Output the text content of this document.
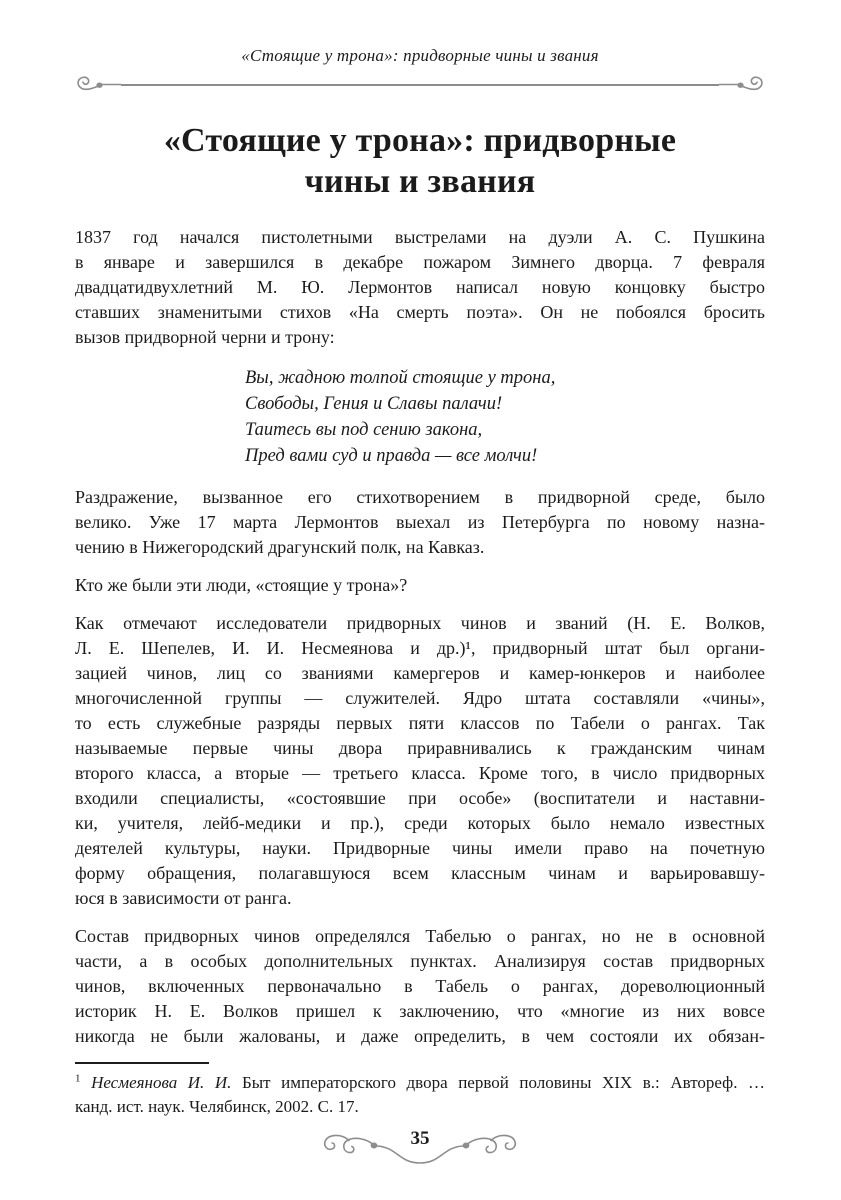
«Стоящие у трона»: придворные чины и звания
«Стоящие у трона»: придворные
чины и звания
1837 год начался пистолетными выстрелами на дуэли А. С. Пушкина
в январе и завершился в декабре пожаром Зимнего дворца. 7 февраля
двадцатидвухлетний М. Ю. Лермонтов написал новую концовку быстро
ставших знаменитыми стихов «На смерть поэта». Он не побоялся бросить
вызов придворной черни и трону:
Вы, жадною толпой стоящие у трона,
Свободы, Гения и Славы палачи!
Таитесь вы под сению закона,
Пред вами суд и правда — все молчи!
Раздражение, вызванное его стихотворением в придворной среде, было
велико. Уже 17 марта Лермонтов выехал из Петербурга по новому назна-
чению в Нижегородский драгунский полк, на Кавказ.
Кто же были эти люди, «стоящие у трона»?
Как отмечают исследователи придворных чинов и званий (Н. Е. Волков,
Л. Е. Шепелев, И. И. Несмеянова и др.)¹, придворный штат был органи-
зацией чинов, лиц со званиями камергеров и камер-юнкеров и наиболее
многочисленной группы — служителей. Ядро штата составляли «чины»,
то есть служебные разряды первых пяти классов по Табели о рангах. Так
называемые первые чины двора приравнивались к гражданским чинам
второго класса, а вторые — третьего класса. Кроме того, в число придворных
входили специалисты, «состоявшие при особе» (воспитатели и наставни-
ки, учителя, лейб-медики и пр.), среди которых было немало известных
деятелей культуры, науки. Придворные чины имели право на почетную
форму обращения, полагавшуюся всем классным чинам и варьировавшу-
юся в зависимости от ранга.
Состав придворных чинов определялся Табелью о рангах, но не в основной
части, а в особых дополнительных пунктах. Анализируя состав придворных
чинов, включенных первоначально в Табель о рангах, дореволюционный
историк Н. Е. Волков пришел к заключению, что «многие из них вовсе
никогда не были жалованы, и даже определить, в чем состояли их обязан-
$^1$ Несмеянова И. И. Быт императорского двора первой половины XIX в.: Автореф. …
канд. ист. наук. Челябинск, 2002. С. 17.
35
